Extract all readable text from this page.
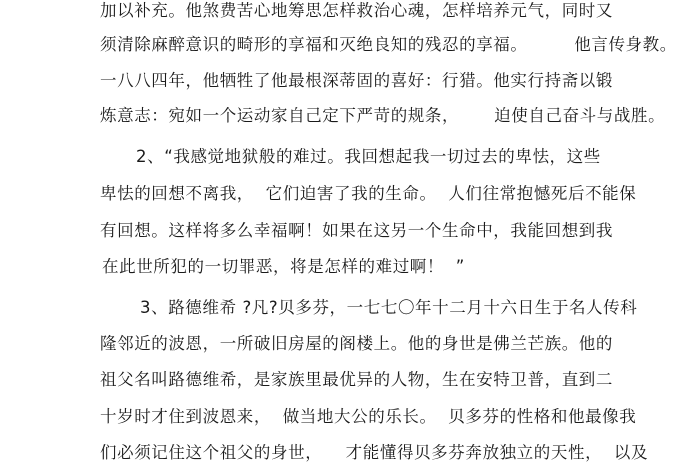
加以补充。他煞费苦心地筹思怎样救治心魂，怎样培养元气，同时又
须清除麻醉意识的畸形的享福和灭绝良知的残忍的享福。        他言传身教。
一八八四年，他牺牲了他最根深蒂固的喜好：行猎。他实行持斋以锻
炼意志：宛如一个运动家自己定下严苛的规条，      迫使自己奋斗与战胜。
2、“我感觉地狱般的难过。我回想起我一切过去的卑怯，这些
卑怯的回想不离我，  它们迫害了我的生命。  人们往常抱憾死后不能保
有回想。这样将多么幸福啊！如果在这另一个生命中，我能回想到我
在此世所犯的一切罪恶，将是怎样的难过啊！  ”
3、路德维希 ?凡?贝多芬，一七七〇年十二月十六日生于名人传科
隆邻近的波恩，一所破旧房屋的阁楼上。他的身世是佛兰芒族。他的
祖父名叫路德维希，是家族里最优异的人物，生在安特卫普，直到二
十岁时才住到波恩来，  做当地大公的乐长。  贝多芬的性格和他最像我
们必须记住这个祖父的身世，    才能懂得贝多芬奔放独立的天性，  以及
